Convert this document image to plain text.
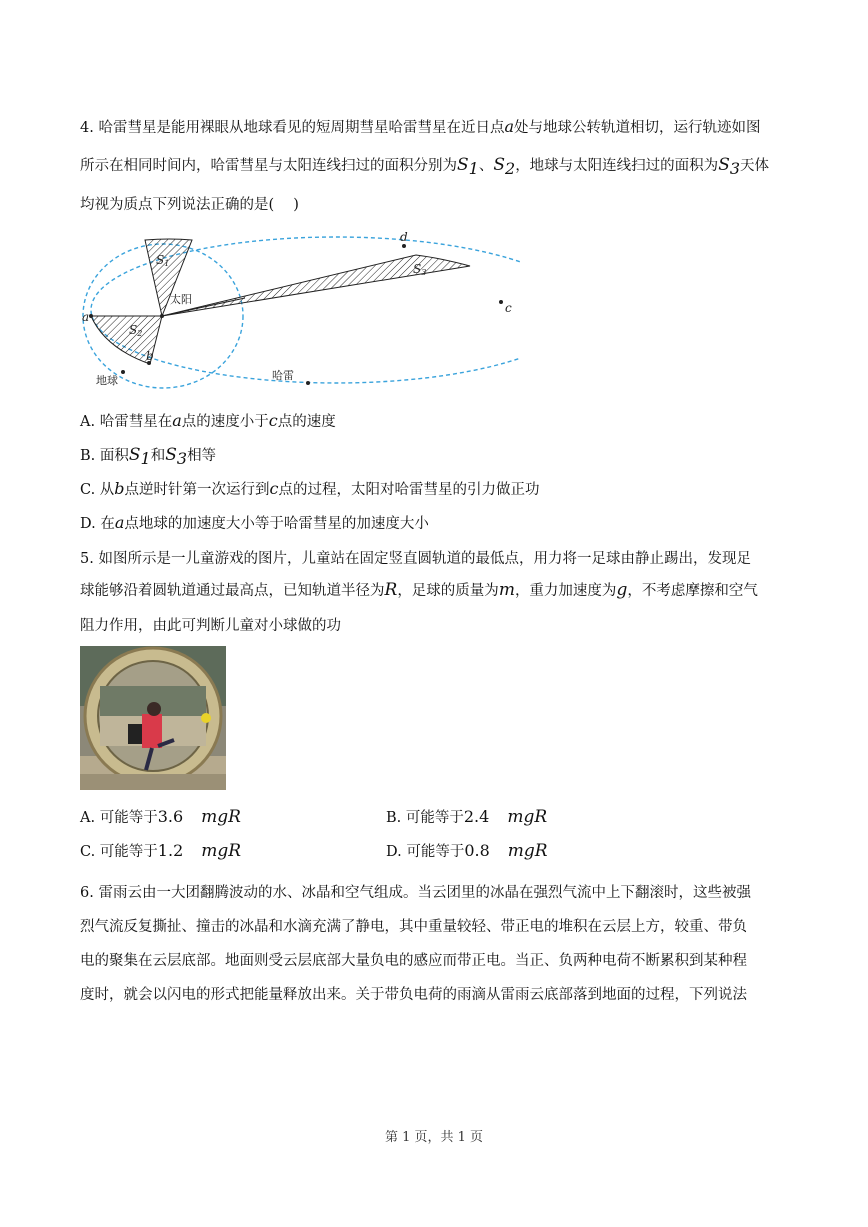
4. 哈雷彗星是能用裸眼从地球看见的短周期彗星哈雷彗星在近日点a处与地球公转轨道相切，运行轨迹如图
所示在相同时间内，哈雷彗星与太阳连线扫过的面积分别为$S_1$、$S_2$，地球与太阳连线扫过的面积为$S_3$天体
均视为质点下列说法正确的是(　 )
d
c
a
b
S1
S2
S3
太阳
地球	哈雷
A. 哈雷彗星在a点的速度小于c点的速度
B. 面积$S_1$和$S_3$相等
C. 从b点逆时针第一次运行到c点的过程，太阳对哈雷彗星的引力做正功
D. 在a点地球的加速度大小等于哈雷彗星的加速度大小
5. 如图所示是一儿童游戏的图片，儿童站在固定竖直圆轨道的最低点，用力将一足球由静止踢出，发现足
球能够沿着圆轨道通过最高点，已知轨道半径为R，足球的质量为m，重力加速度为g，不考虑摩擦和空气
阻力作用，由此可判断儿童对小球做的功
A. 可能等于3.6 mgR	B. 可能等于2.4 mgR
C. 可能等于1.2 mgR	D. 可能等于0.8 mgR
6. 雷雨云由一大团翻腾波动的水、冰晶和空气组成。当云团里的冰晶在强烈气流中上下翻滚时，这些被强
烈气流反复撕扯、撞击的冰晶和水滴充满了静电，其中重量较轻、带正电的堆积在云层上方，较重、带负
电的聚集在云层底部。地面则受云层底部大量负电的感应而带正电。当正、负两种电荷不断累积到某种程
度时，就会以闪电的形式把能量释放出来。关于带负电荷的雨滴从雷雨云底部落到地面的过程，下列说法
第 1 页，共 1 页
